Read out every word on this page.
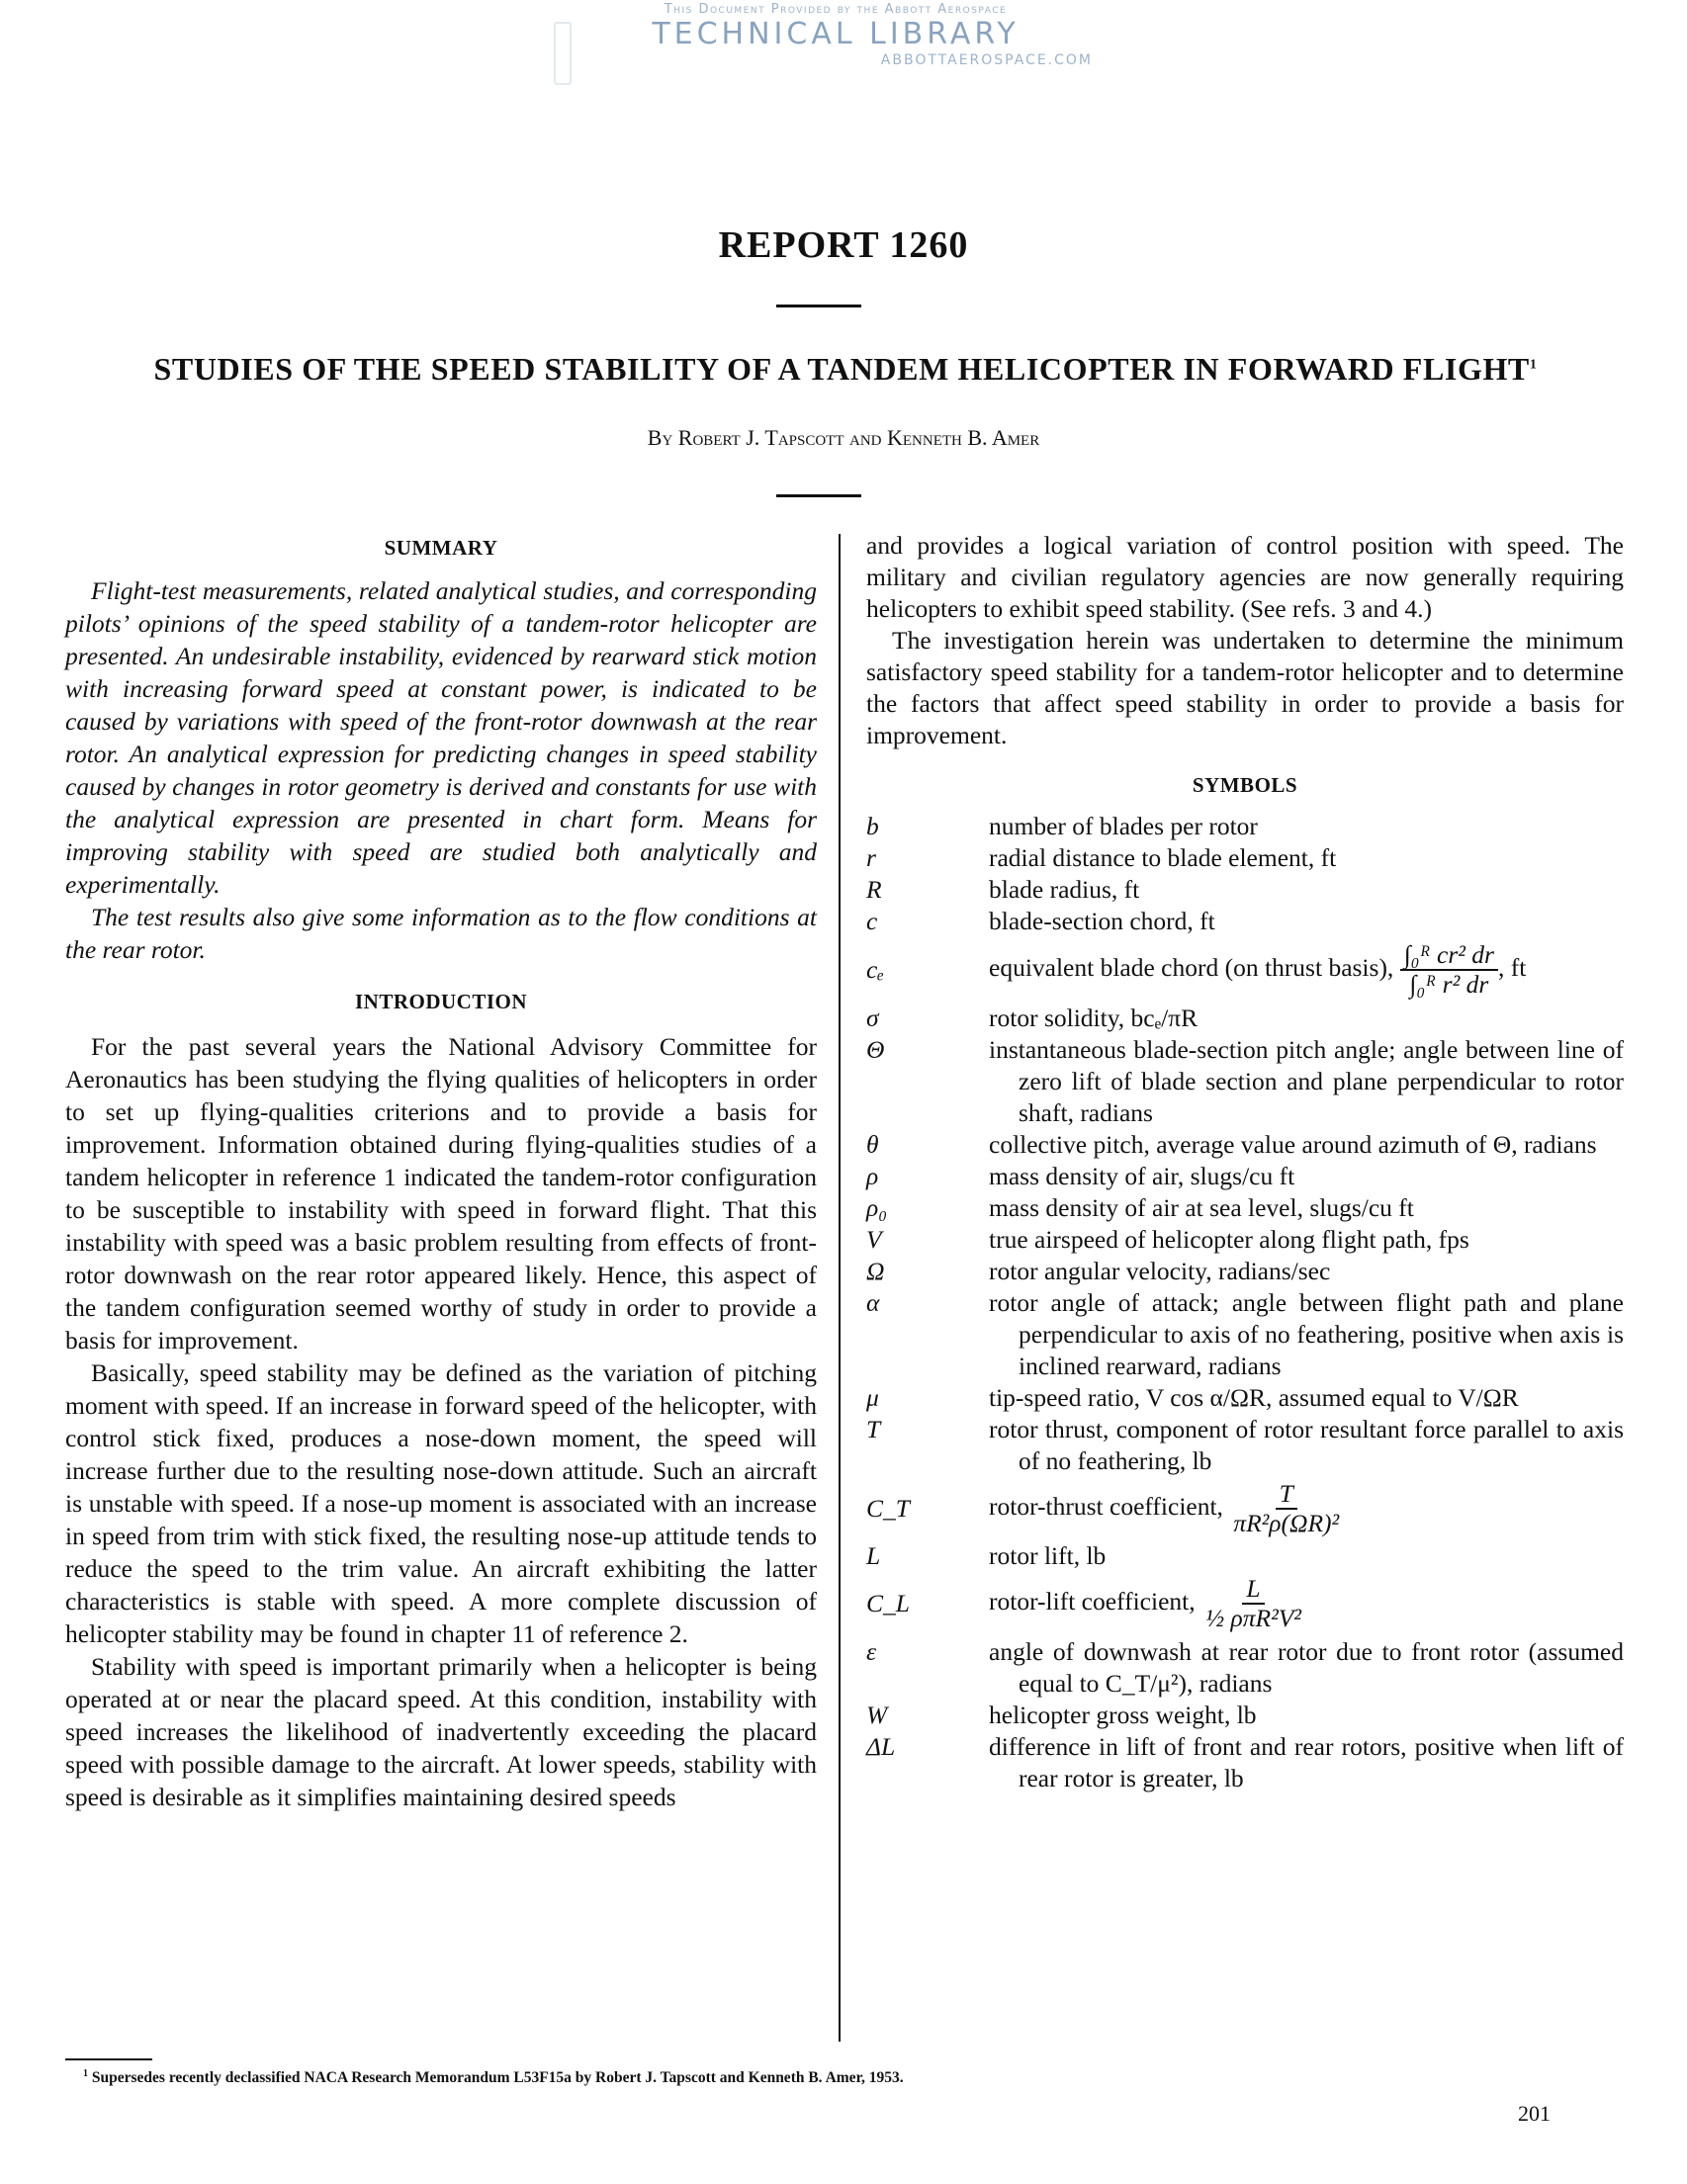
This Document Provided by the Abbott Aerospace
TECHNICAL LIBRARY
ABBOTTAEROSPACE.COM
REPORT 1260
STUDIES OF THE SPEED STABILITY OF A TANDEM HELICOPTER IN FORWARD FLIGHT$^1$
By Robert J. Tapscott and Kenneth B. Amer
SUMMARY

Flight-test measurements, related analytical studies, and corresponding pilots’ opinions of the speed stability of a tandem-rotor helicopter are presented. An undesirable instability, evidenced by rearward stick motion with increasing forward speed at constant power, is indicated to be caused by variations with speed of the front-rotor downwash at the rear rotor. An analytical expression for predicting changes in speed stability caused by changes in rotor geometry is derived and constants for use with the analytical expression are presented in chart form. Means for improving stability with speed are studied both analytically and experimentally.

The test results also give some information as to the flow conditions at the rear rotor.

INTRODUCTION

For the past several years the National Advisory Committee for Aeronautics has been studying the flying qualities of helicopters in order to set up flying-qualities criterions and to provide a basis for improvement. Information obtained during flying-qualities studies of a tandem helicopter in reference 1 indicated the tandem-rotor configuration to be susceptible to instability with speed in forward flight. That this instability with speed was a basic problem resulting from effects of front-rotor downwash on the rear rotor appeared likely. Hence, this aspect of the tandem configuration seemed worthy of study in order to provide a basis for improvement.

Basically, speed stability may be defined as the variation of pitching moment with speed. If an increase in forward speed of the helicopter, with control stick fixed, produces a nose-down moment, the speed will increase further due to the resulting nose-down attitude. Such an aircraft is unstable with speed. If a nose-up moment is associated with an increase in speed from trim with stick fixed, the resulting nose-up attitude tends to reduce the speed to the trim value. An aircraft exhibiting the latter characteristics is stable with speed. A more complete discussion of helicopter stability may be found in chapter 11 of reference 2.

Stability with speed is important primarily when a helicopter is being operated at or near the placard speed. At this condition, instability with speed increases the likelihood of inadvertently exceeding the placard speed with possible damage to the aircraft. At lower speeds, stability with speed is desirable as it simplifies maintaining desired speeds

and provides a logical variation of control position with speed. The military and civilian regulatory agencies are now generally requiring helicopters to exhibit speed stability. (See refs. 3 and 4.)

The investigation herein was undertaken to determine the minimum satisfactory speed stability for a tandem-rotor helicopter and to determine the factors that affect speed stability in order to provide a basis for improvement.

SYMBOLS
b	number of blades per rotor
r	radial distance to blade element, ft
R	blade radius, ft
c	blade-section chord, ft
cₑ	equivalent blade chord (on thrust basis), $\frac{\text{∫₀ᴿ cr² dr}}{\text{∫₀ᴿ r² dr}}$ , ft
σ	rotor solidity, bcₑ/πR
Θ	instantaneous blade-section pitch angle; angle between line of zero lift of blade section and plane perpendicular to rotor shaft, radians
θ	collective pitch, average value around azimuth of Θ, radians
ρ	mass density of air, slugs/cu ft
ρ₀	mass density of air at sea level, slugs/cu ft
V	true airspeed of helicopter along flight path, fps
Ω	rotor angular velocity, radians/sec
α	rotor angle of attack; angle between flight path and plane perpendicular to axis of no feathering, positive when axis is inclined rearward, radians
μ	tip-speed ratio, V cos α/ΩR, assumed equal to V/ΩR
T	rotor thrust, component of rotor resultant force parallel to axis of no feathering, lb
C_T	rotor-thrust coefficient, $\frac{T}{\text{πR²ρ(ΩR)²}}$
L	rotor lift, lb
C_L	rotor-lift coefficient, $\frac{L}{\text{½ ρπR²V²}}$
ε	angle of downwash at rear rotor due to front rotor (assumed equal to C_T/μ²), radians
W	helicopter gross weight, lb
ΔL	difference in lift of front and rear rotors, positive when lift of rear rotor is greater, lb
$^1$ Supersedes recently declassified NACA Research Memorandum L53F15a by Robert J. Tapscott and Kenneth B. Amer, 1953.
201
